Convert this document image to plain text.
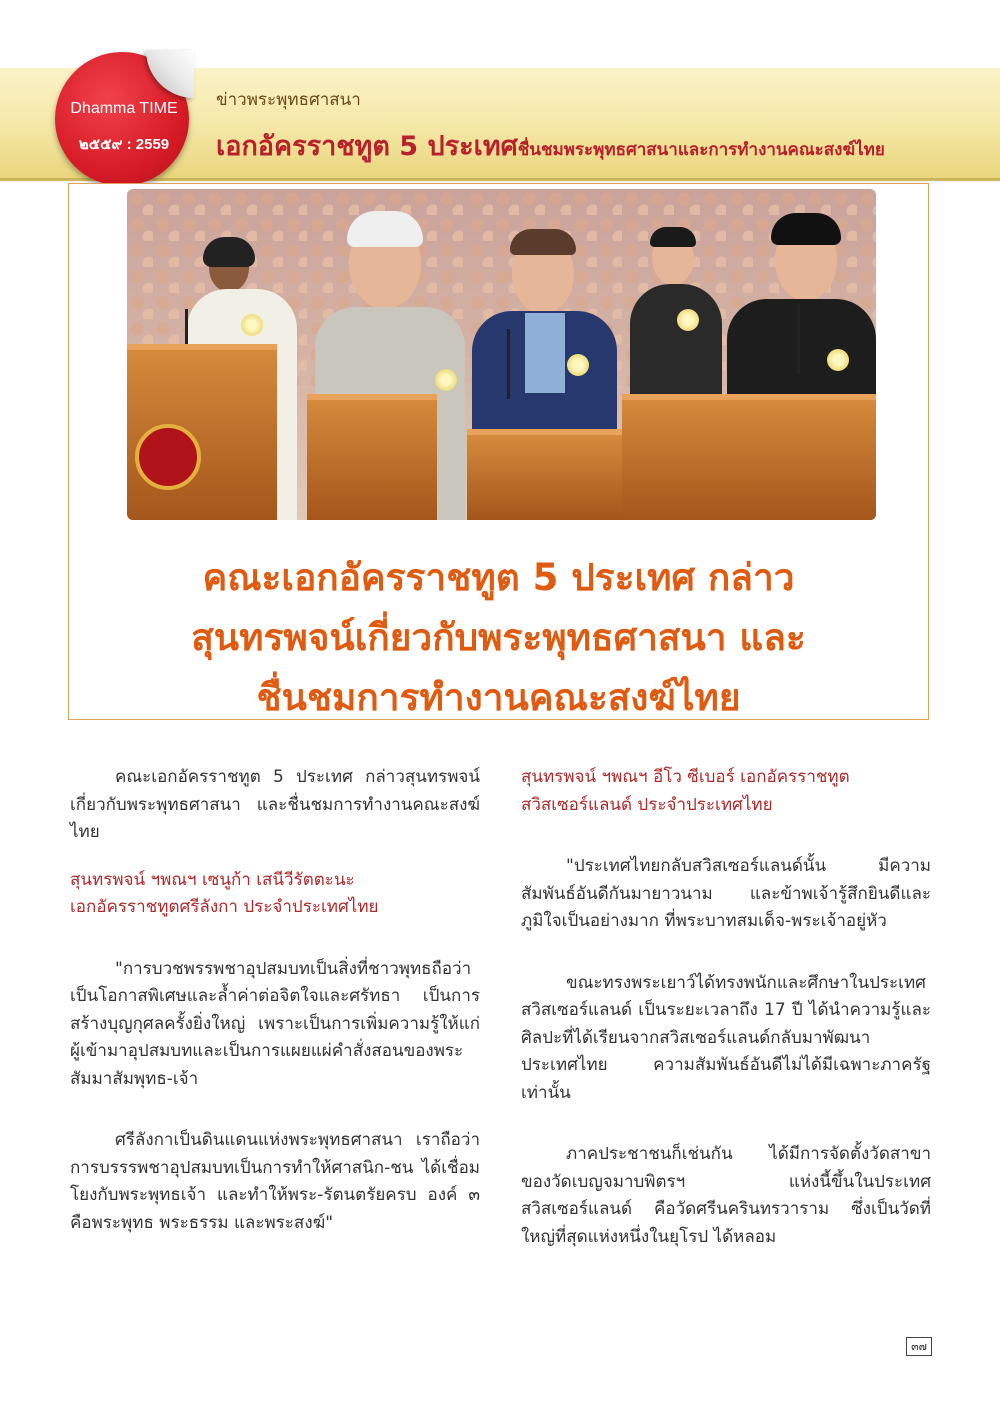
Dhamma TIME
๒๕๕๙ : 2559
ข่าวพระพุทธศาสนา
เอกอัครราชทูต 5 ประเทศชื่นชมพระพุทธศาสนาและการทำงานคณะสงฆ์ไทย
คณะเอกอัครราชทูต 5 ประเทศ กล่าว
สุนทรพจน์เกี่ยวกับพระพุทธศาสนา และ
ชื่นชมการทำงานคณะสงฆ์ไทย

คณะเอกอัครราชทูต 5 ประเทศ กล่าวสุนทรพจน์เกี่ยวกับพระพุทธศาสนา และชื่นชมการทำงานคณะสงฆ์ไทย

สุนทรพจน์ ฯพณฯ เซนูก้า เสนีวีรัตตะนะ
เอกอัครราชทูตศรีลังกา ประจำประเทศไทย

"การบวชพรรพชาอุปสมบทเป็นสิ่งที่ชาวพุทธถือว่า เป็นโอกาสพิเศษและล้ำค่าต่อจิตใจและศรัทธา เป็นการสร้างบุญกุศลครั้งยิ่งใหญ่ เพราะเป็นการเพิ่มความรู้ให้แก่ผู้เข้ามาอุปสมบทและเป็นการแผยแผ่คำสั่งสอนของพระสัมมาสัมพุทธ-เจ้า

ศรีลังกาเป็นดินแดนแห่งพระพุทธศาสนา เราถือว่าการบรรรพชาอุปสมบทเป็นการทำให้ศาสนิก-ชน ได้เชื่อมโยงกับพระพุทธเจ้า และทำให้พระ-รัตนตรัยครบ องค์ ๓ คือพระพุทธ พระธรรม และพระสงฆ์"

สุนทรพจน์ ฯพณฯ อีโว ซีเบอร์ เอกอัครราชทูต
สวิสเซอร์แลนด์ ประจำประเทศไทย

"ประเทศไทยกลับสวิสเซอร์แลนด์นั้น มีความสัมพันธ์อันดีกันมายาวนาม และข้าพเจ้ารู้สึกยินดีและภูมิใจเป็นอย่างมาก ที่พระบาทสมเด็จ-พระเจ้าอยู่หัว

ขณะทรงพระเยาว์ได้ทรงพนักและศึกษาในประเทศสวิสเซอร์แลนด์ เป็นระยะเวลาถึง 17 ปี ได้นำความรู้และศิลปะที่ได้เรียนจากสวิสเซอร์แลนด์กลับมาพัฒนาประเทศไทย ความสัมพันธ์อันดีไม่ได้มีเฉพาะภาครัฐเท่านั้น

ภาคประชาชนก็เช่นกัน ได้มีการจัดตั้งวัดสาขาของวัดเบญจมาบพิตรฯ แห่งนี้ขึ้นในประเทศสวิสเซอร์แลนด์ คือวัดศรีนครินทรวาราม ซึ่งเป็นวัดที่ใหญ่ที่สุดแห่งหนึ่งในยุโรป ได้หลอม

๓๗
